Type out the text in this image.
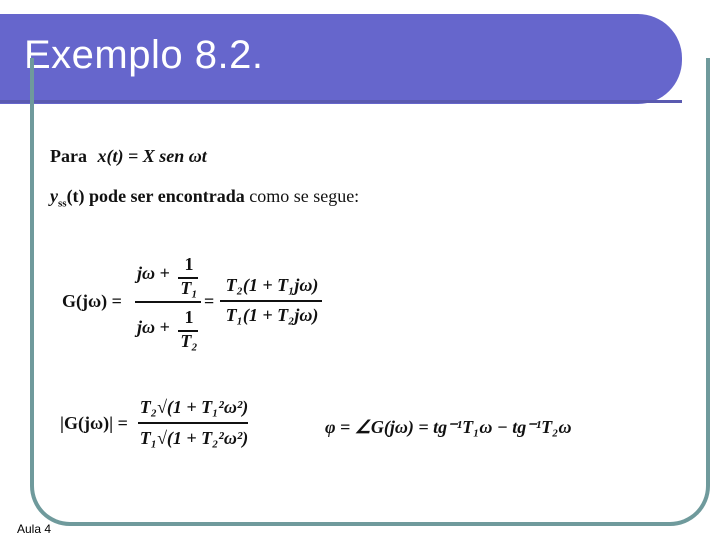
Exemplo 8.2.
Para x(t) = X sen ωt
$y_{ss}(t)$ pode ser encontrada como se segue:
G(jω) =
jω + 1
T₁
jω + 1
T₂
=
T₂(1 + T₁jω)
T₁(1 + T₂jω)
|G(jω)| =
T₂√(1 + T₁²ω²)
T₁√(1 + T₂²ω²)
φ = ∠G(jω) = tg⁻¹T₁ω − tg⁻¹T₂ω
Aula 4
